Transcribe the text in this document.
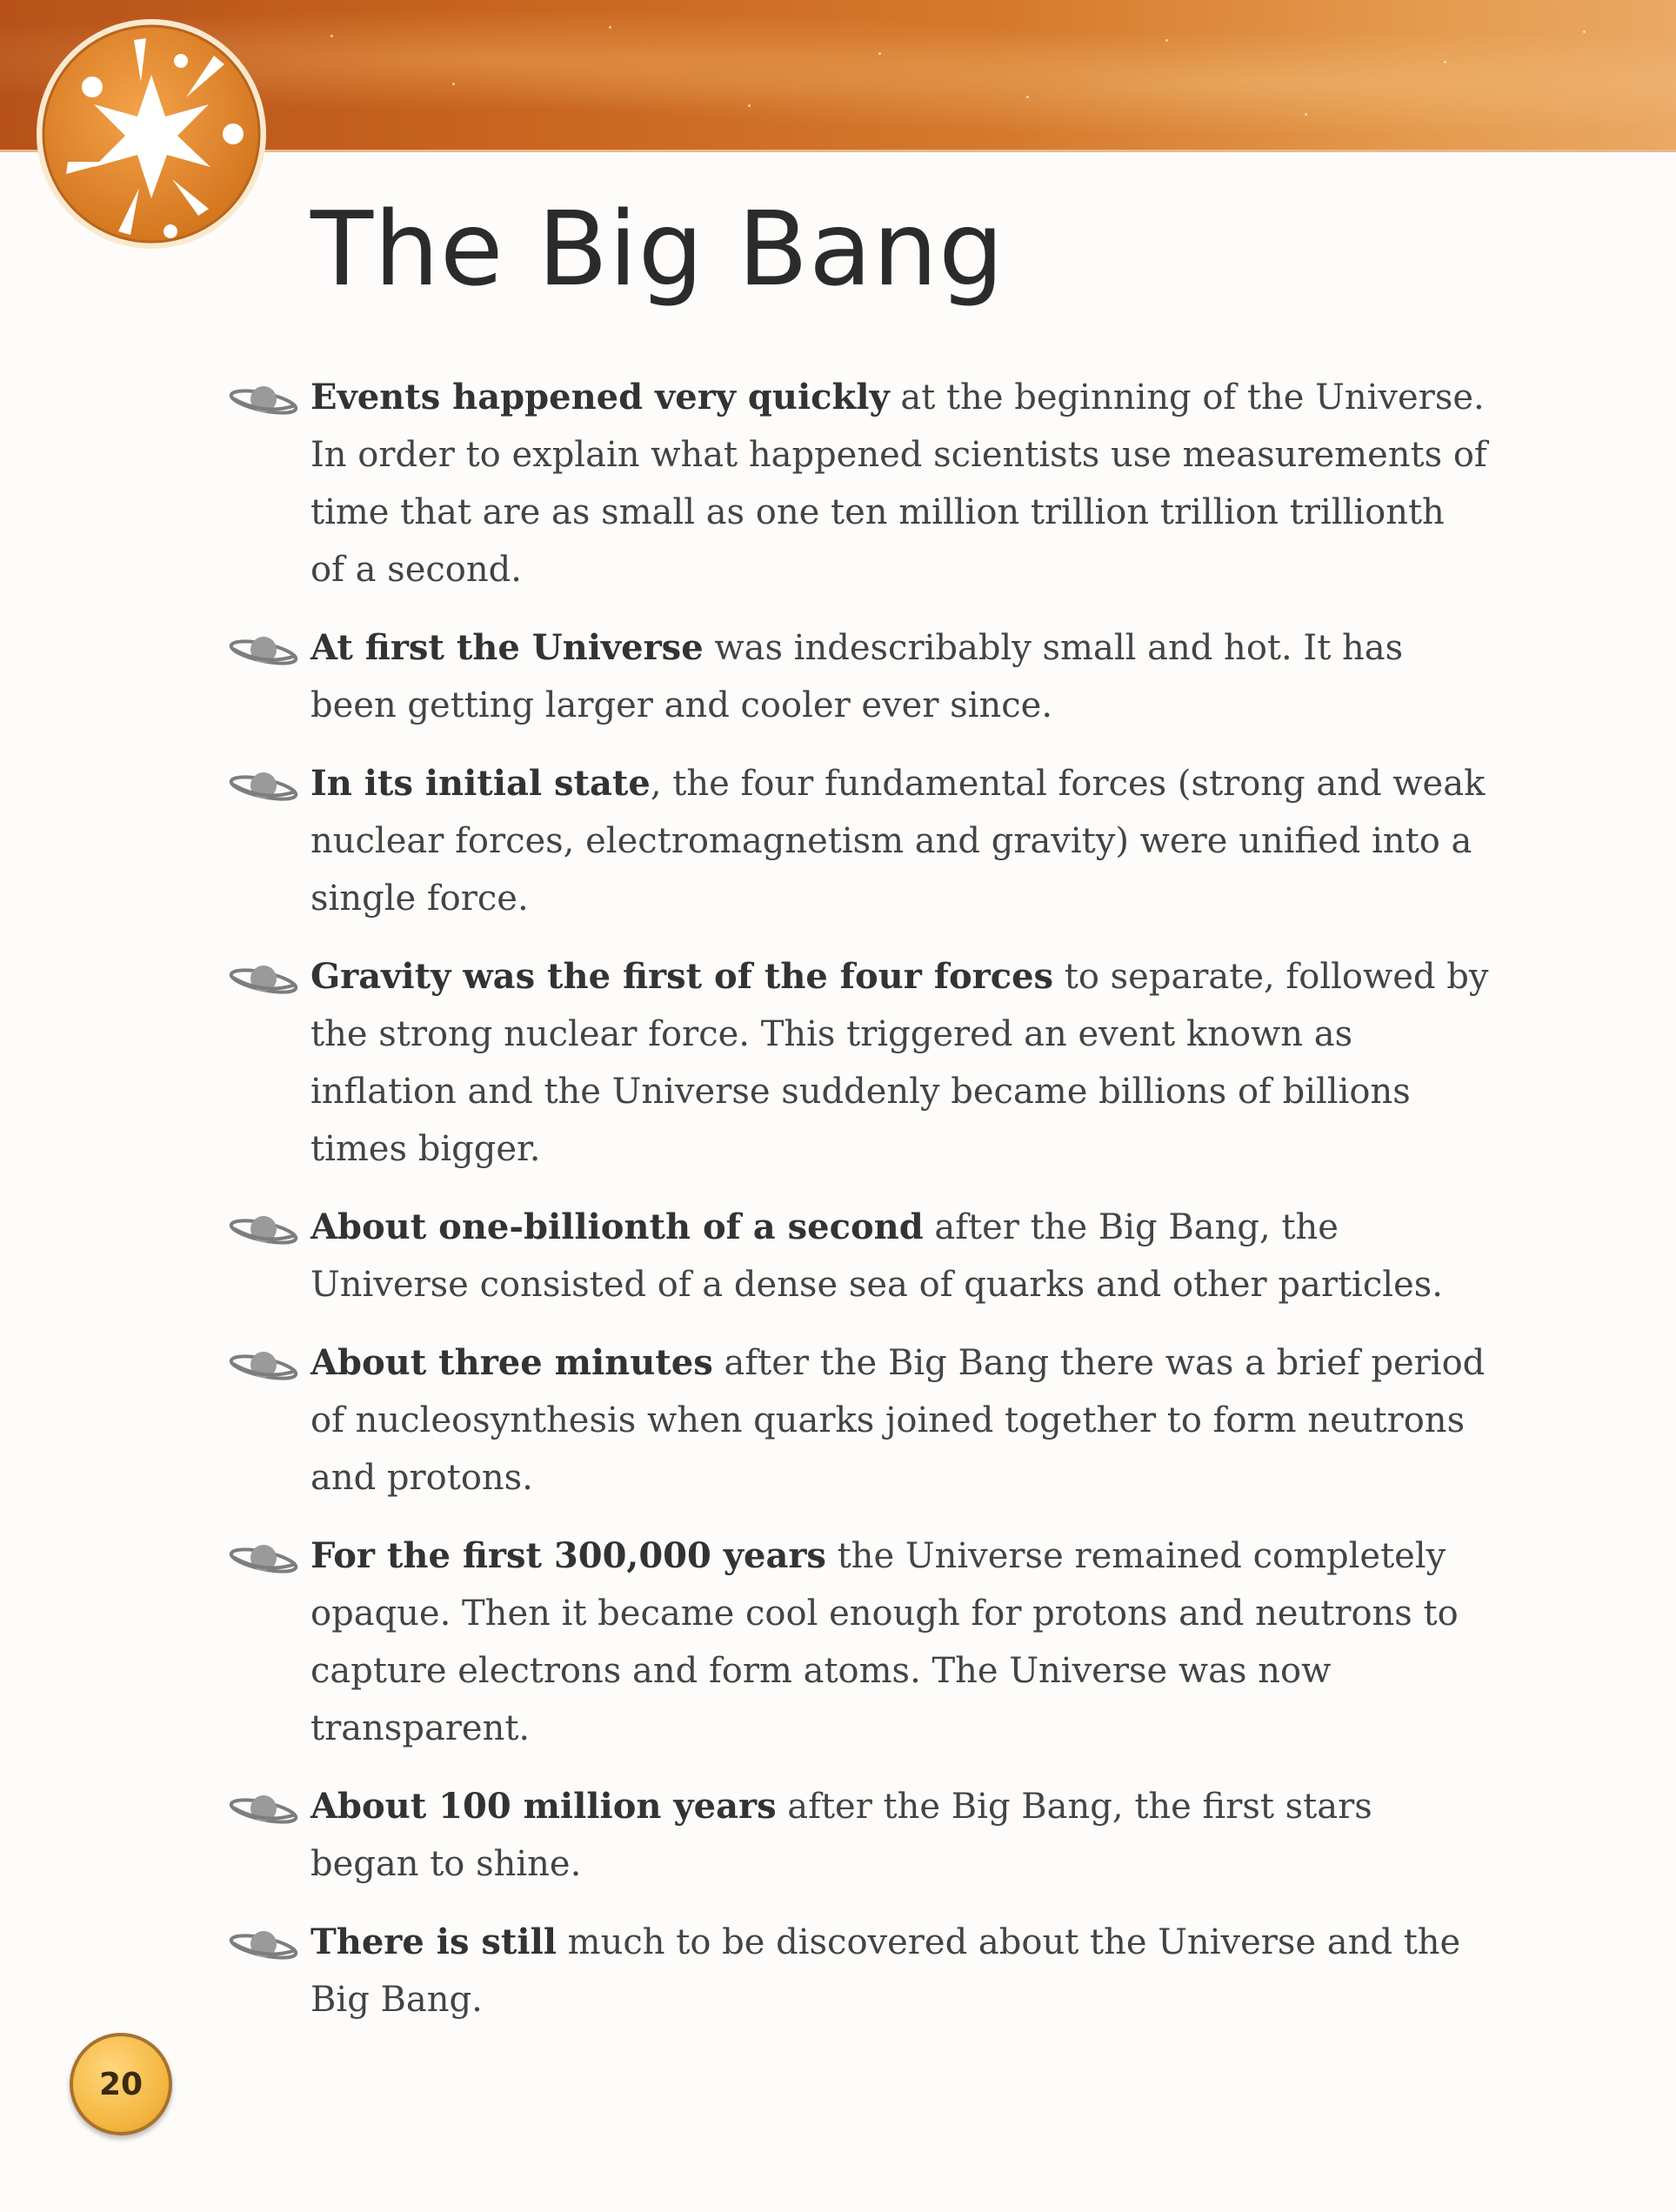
The Big Bang
Events happened very quickly at the beginning of the Universe. In order to explain what happened scientists use measurements of time that are as small as one ten million trillion trillion trillionth of a second.
At first the Universe was indescribably small and hot. It has been getting larger and cooler ever since.
In its initial state, the four fundamental forces (strong and weak nuclear forces, electromagnetism and gravity) were unified into a single force.
Gravity was the first of the four forces to separate, followed by the strong nuclear force. This triggered an event known as inflation and the Universe suddenly became billions of billions times bigger.
About one-billionth of a second after the Big Bang, the Universe consisted of a dense sea of quarks and other particles.
About three minutes after the Big Bang there was a brief period of nucleosynthesis when quarks joined together to form neutrons and protons.
For the first 300,000 years the Universe remained completely opaque. Then it became cool enough for protons and neutrons to capture electrons and form atoms. The Universe was now transparent.
About 100 million years after the Big Bang, the first stars began to shine.
There is still much to be discovered about the Universe and the Big Bang.
20
